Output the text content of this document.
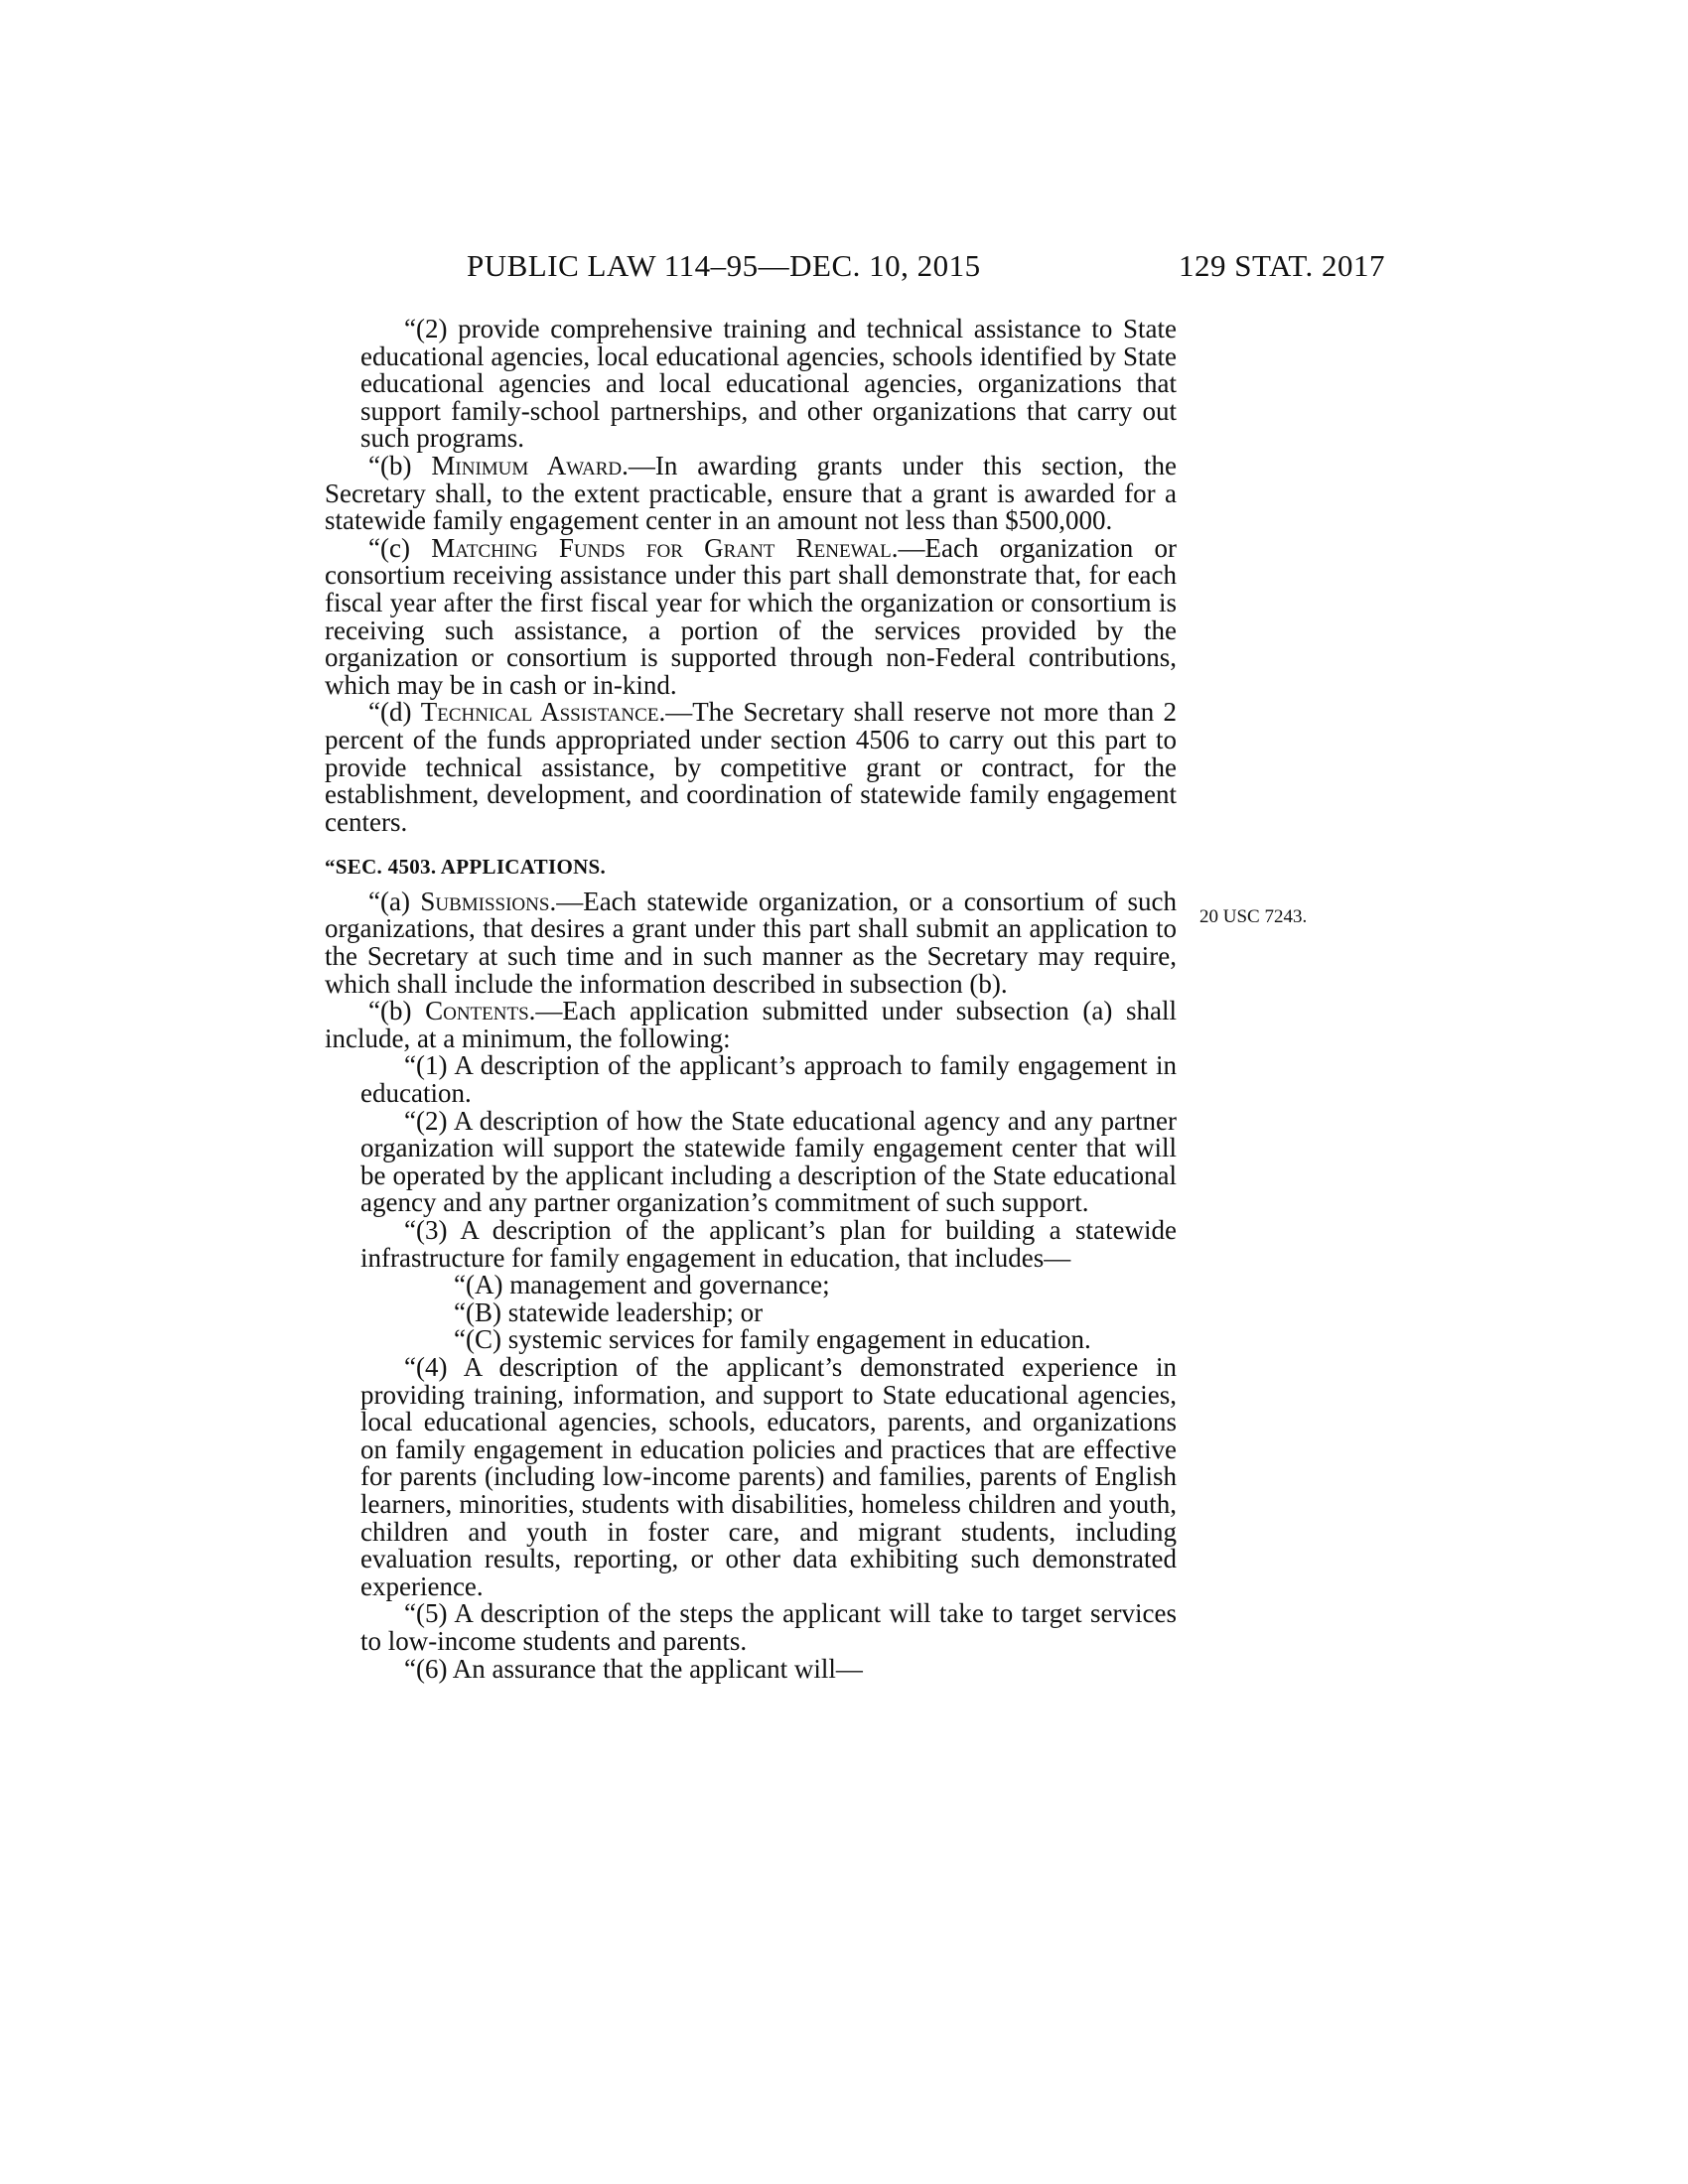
PUBLIC LAW 114–95—DEC. 10, 2015	129 STAT. 2017
20 USC 7243.

“(2) provide comprehensive training and technical assistance to State educational agencies, local educational agencies, schools identified by State educational agencies and local educational agencies, organizations that support family-school partnerships, and other organizations that carry out such programs.

“(b) Minimum Award.—In awarding grants under this section, the Secretary shall, to the extent practicable, ensure that a grant is awarded for a statewide family engagement center in an amount not less than $500,000.

“(c) Matching Funds for Grant Renewal.—Each organization or consortium receiving assistance under this part shall demonstrate that, for each fiscal year after the first fiscal year for which the organization or consortium is receiving such assistance, a portion of the services provided by the organization or consortium is supported through non-Federal contributions, which may be in cash or in-kind.

“(d) Technical Assistance.—The Secretary shall reserve not more than 2 percent of the funds appropriated under section 4506 to carry out this part to provide technical assistance, by competitive grant or contract, for the establishment, development, and coordination of statewide family engagement centers.

“SEC. 4503. APPLICATIONS.

“(a) Submissions.—Each statewide organization, or a consortium of such organizations, that desires a grant under this part shall submit an application to the Secretary at such time and in such manner as the Secretary may require, which shall include the information described in subsection (b).

“(b) Contents.—Each application submitted under subsection (a) shall include, at a minimum, the following:

“(1) A description of the applicant’s approach to family engagement in education.

“(2) A description of how the State educational agency and any partner organization will support the statewide family engagement center that will be operated by the applicant including a description of the State educational agency and any partner organization’s commitment of such support.

“(3) A description of the applicant’s plan for building a statewide infrastructure for family engagement in education, that includes—

“(A) management and governance;

“(B) statewide leadership; or

“(C) systemic services for family engagement in education.

“(4) A description of the applicant’s demonstrated experience in providing training, information, and support to State educational agencies, local educational agencies, schools, educators, parents, and organizations on family engagement in education policies and practices that are effective for parents (including low-income parents) and families, parents of English learners, minorities, students with disabilities, homeless children and youth, children and youth in foster care, and migrant students, including evaluation results, reporting, or other data exhibiting such demonstrated experience.

“(5) A description of the steps the applicant will take to target services to low-income students and parents.

“(6) An assurance that the applicant will—
